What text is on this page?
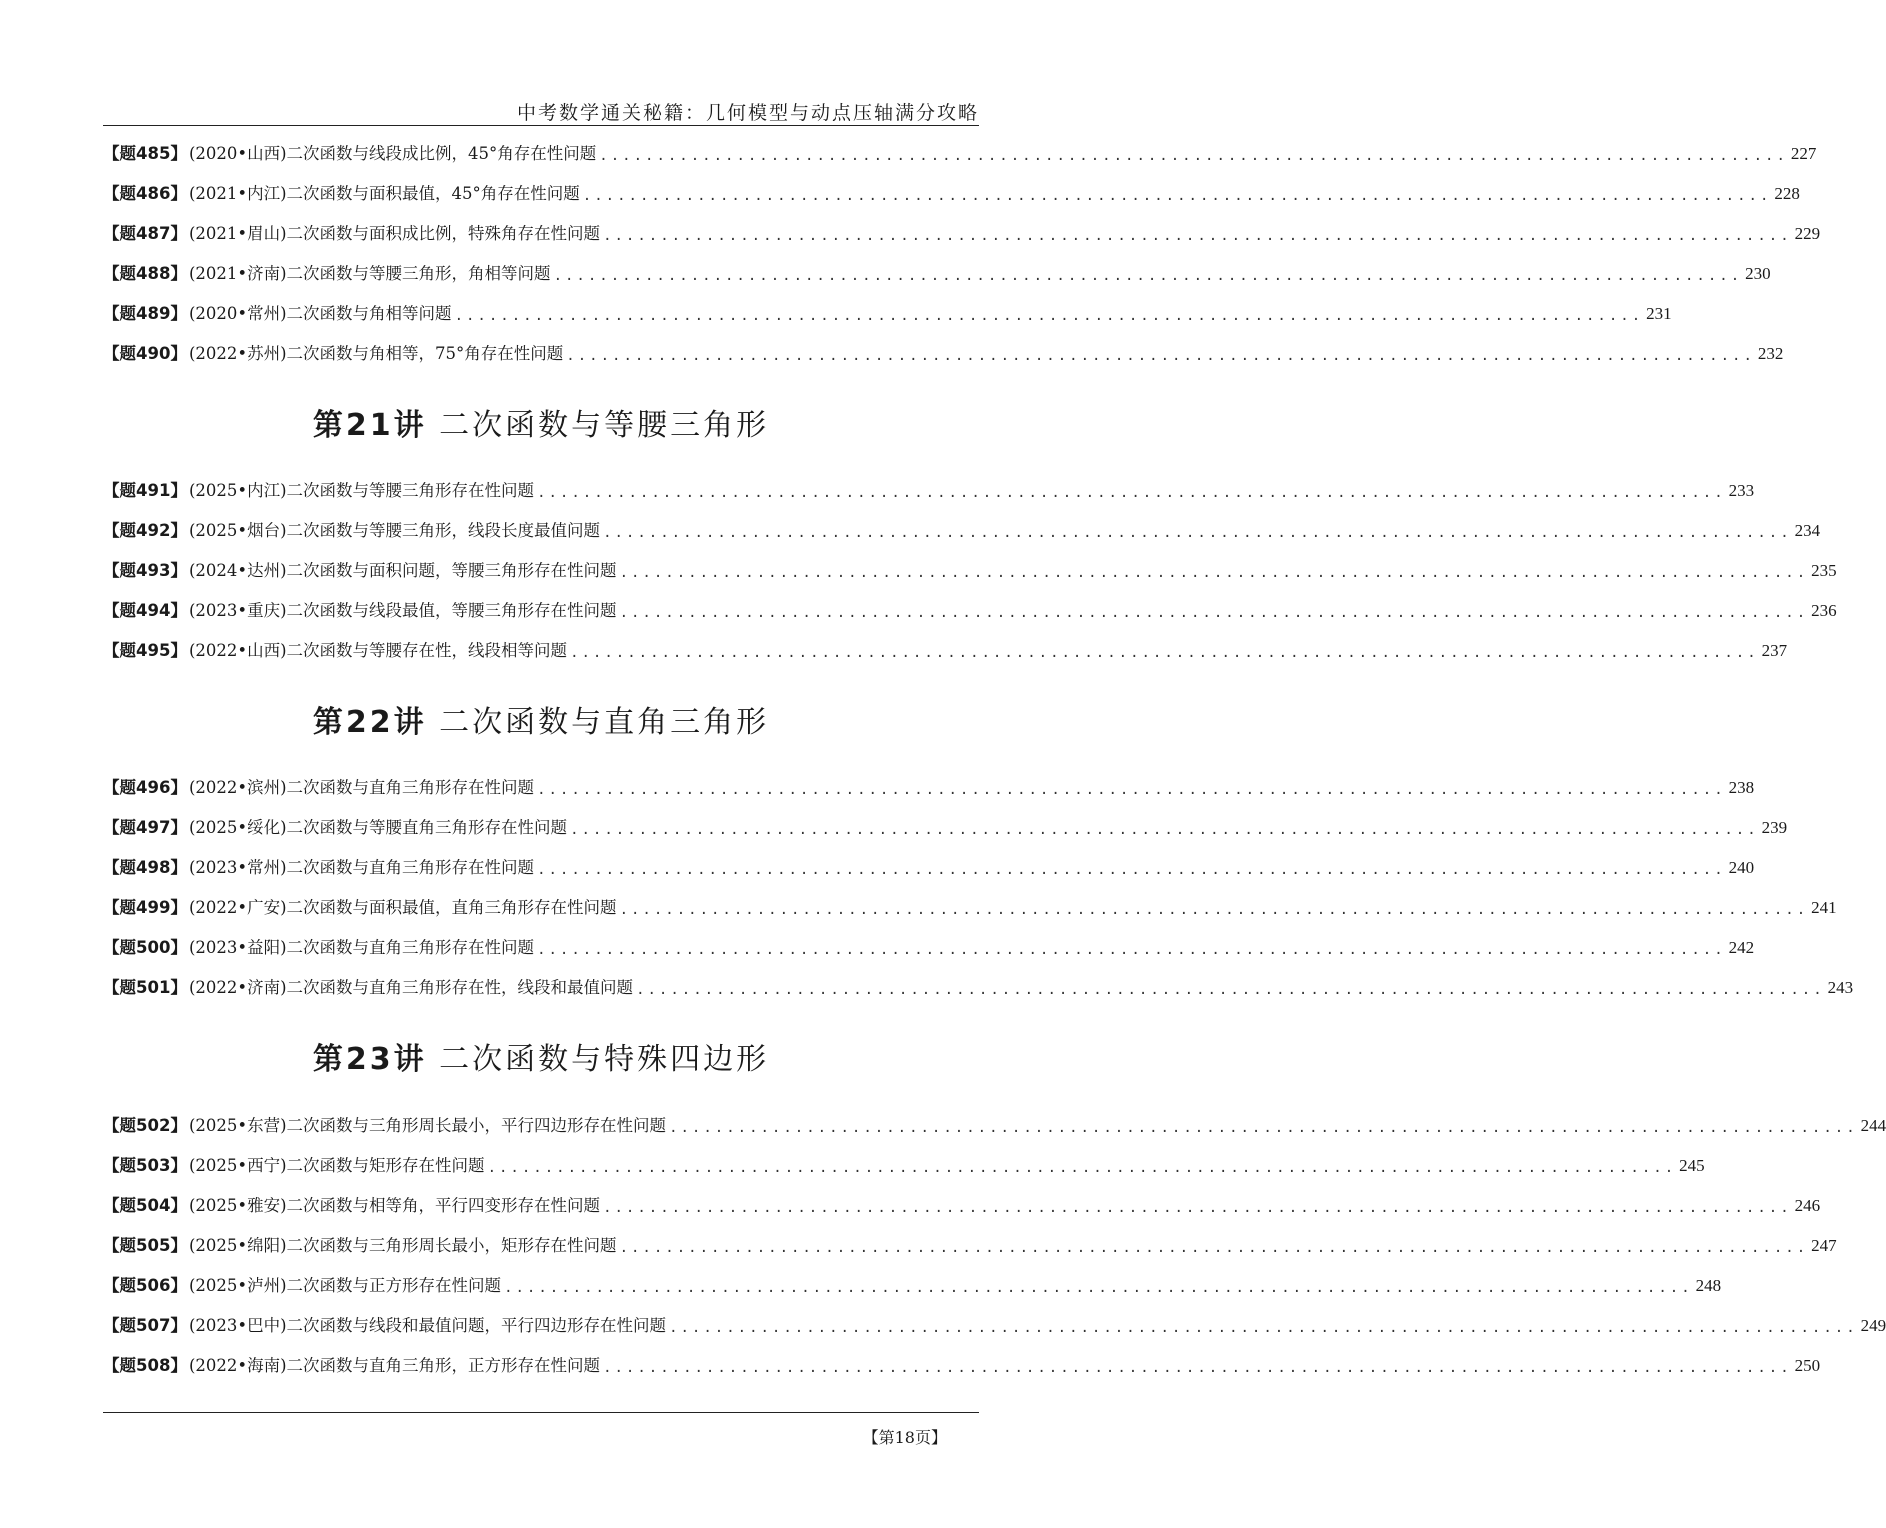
中考数学通关秘籍：几何模型与动点压轴满分攻略
【题485】 (2020•山西)二次函数与线段成比例，45°角存在性问题 ........................................................................................................ 227
【题486】 (2021•内江)二次函数与面积最值，45°角存在性问题 ........................................................................................................ 228
【题487】 (2021•眉山)二次函数与面积成比例，特殊角存在性问题 ........................................................................................................ 229
【题488】 (2021•济南)二次函数与等腰三角形，角相等问题 ........................................................................................................ 230
【题489】 (2020•常州)二次函数与角相等问题 ........................................................................................................ 231
【题490】 (2022•苏州)二次函数与角相等，75°角存在性问题 ........................................................................................................ 232
第21讲 二次函数与等腰三角形
【题491】 (2025•内江)二次函数与等腰三角形存在性问题 ........................................................................................................ 233
【题492】 (2025•烟台)二次函数与等腰三角形，线段长度最值问题 ........................................................................................................ 234
【题493】 (2024•达州)二次函数与面积问题，等腰三角形存在性问题 ........................................................................................................ 235
【题494】 (2023•重庆)二次函数与线段最值，等腰三角形存在性问题 ........................................................................................................ 236
【题495】 (2022•山西)二次函数与等腰存在性，线段相等问题 ........................................................................................................ 237
第22讲 二次函数与直角三角形
【题496】 (2022•滨州)二次函数与直角三角形存在性问题 ........................................................................................................ 238
【题497】 (2025•绥化)二次函数与等腰直角三角形存在性问题 ........................................................................................................ 239
【题498】 (2023•常州)二次函数与直角三角形存在性问题 ........................................................................................................ 240
【题499】 (2022•广安)二次函数与面积最值，直角三角形存在性问题 ........................................................................................................ 241
【题500】 (2023•益阳)二次函数与直角三角形存在性问题 ........................................................................................................ 242
【题501】 (2022•济南)二次函数与直角三角形存在性，线段和最值问题 ........................................................................................................ 243
第23讲 二次函数与特殊四边形
【题502】 (2025•东营)二次函数与三角形周长最小，平行四边形存在性问题 ........................................................................................................ 244
【题503】 (2025•西宁)二次函数与矩形存在性问题 ........................................................................................................ 245
【题504】 (2025•雅安)二次函数与相等角，平行四变形存在性问题 ........................................................................................................ 246
【题505】 (2025•绵阳)二次函数与三角形周长最小，矩形存在性问题 ........................................................................................................ 247
【题506】 (2025•泸州)二次函数与正方形存在性问题 ........................................................................................................ 248
【题507】 (2023•巴中)二次函数与线段和最值问题，平行四边形存在性问题 ........................................................................................................ 249
【题508】 (2022•海南)二次函数与直角三角形，正方形存在性问题 ........................................................................................................ 250
【第18页】
